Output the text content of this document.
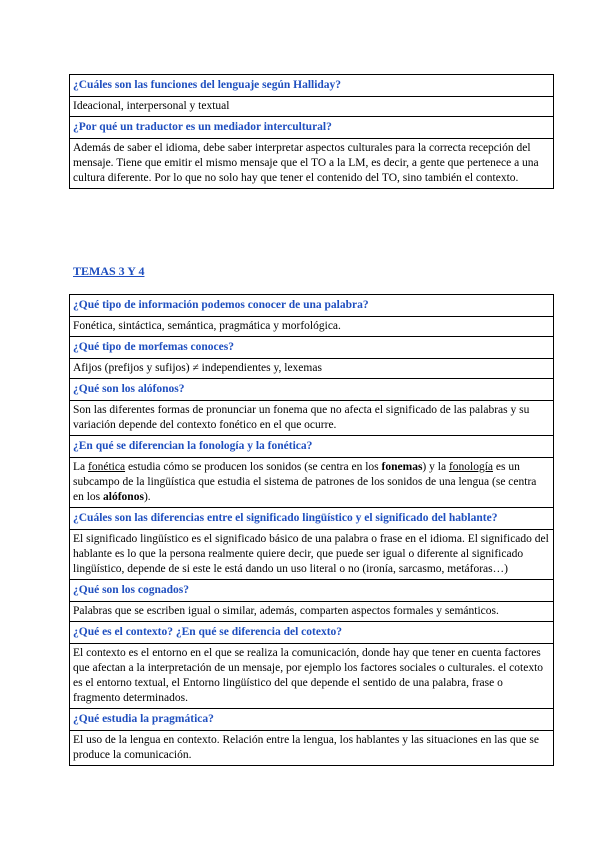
¿Cuáles son las funciones del lenguaje según Halliday?
Ideacional, interpersonal y textual
¿Por qué un traductor es un mediador intercultural?
Además de saber el idioma, debe saber interpretar aspectos culturales para la correcta recepción del mensaje. Tiene que emitir el mismo mensaje que el TO a la LM, es decir, a gente que pertenece a una cultura diferente. Por lo que no solo hay que tener el contenido del TO, sino también el contexto.
TEMAS 3 Y 4
¿Qué tipo de información podemos conocer de una palabra?
Fonética, sintáctica, semántica, pragmática y morfológica.
¿Qué tipo de morfemas conoces?
Afijos (prefijos y sufijos) ≠ independientes y, lexemas
¿Qué son los alófonos?
Son las diferentes formas de pronunciar un fonema que no afecta el significado de las palabras y su variación depende del contexto fonético en el que ocurre.
¿En qué se diferencian la fonología y la fonética?
La fonética estudia cómo se producen los sonidos (se centra en los fonemas) y la fonología es un subcampo de la lingüística que estudia el sistema de patrones de los sonidos de una lengua (se centra en los alófonos).
¿Cuáles son las diferencias entre el significado lingüístico y el significado del hablante?
El significado lingüístico es el significado básico de una palabra o frase en el idioma. El significado del hablante es lo que la persona realmente quiere decir, que puede ser igual o diferente al significado lingüístico, depende de si este le está dando un uso literal o no (ironía, sarcasmo, metáforas…)
¿Qué son los cognados?
Palabras que se escriben igual o similar, además, comparten aspectos formales y semánticos.
¿Qué es el contexto? ¿En qué se diferencia del cotexto?
El contexto es el entorno en el que se realiza la comunicación, donde hay que tener en cuenta factores que afectan a la interpretación de un mensaje, por ejemplo los factores sociales o culturales. el cotexto es el entorno textual, el Entorno lingüístico del que depende el sentido de una palabra, frase o fragmento determinados.
¿Qué estudia la pragmática?
El uso de la lengua en contexto. Relación entre la lengua, los hablantes y las situaciones en las que se produce la comunicación.
